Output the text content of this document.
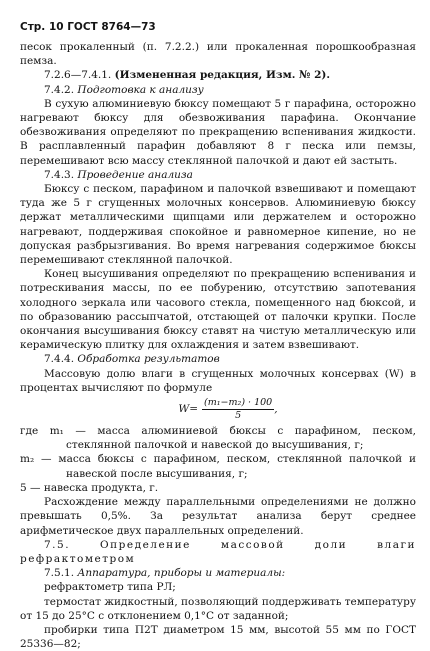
Стр. 10 ГОСТ 8764—73

песок прокаленный (п. 7.2.2.) или прокаленная порошкообразная пемза.

7.2.6—7.4.1. (Измененная редакция, Изм. № 2).

7.4.2. Подготовка к анализу

В сухую алюминиевую бюксу помещают 5 г парафина, осторожно нагревают бюксу для обезвоживания парафина. Окончание обезвоживания определяют по прекращению вспенивания жидкости. В расплавленный парафин добавляют 8 г песка или пемзы, перемешивают всю массу стеклянной палочкой и дают ей застыть.

7.4.3. Проведение анализа

Бюксу с песком, парафином и палочкой взвешивают и помещают туда же 5 г сгущенных молочных консервов. Алюминиевую бюксу держат металлическими щипцами или держателем и осторожно нагревают, поддерживая спокойное и равномерное кипение, но не допуская разбрызгивания. Во время нагревания содержимое бюксы перемешивают стеклянной палочкой.

Конец высушивания определяют по прекращению вспенивания и потрескивания массы, по ее побурению, отсутствию запотевания холодного зеркала или часового стекла, помещенного над бюксой, и по образованию рассыпчатой, отстающей от палочки крупки. После окончания высушивания бюксу ставят на чистую металлическую или керамическую плитку для охлаждения и затем взвешивают.

7.4.4. Обработка результатов

Массовую долю влаги в сгущенных молочных консервах (W) в процентах вычисляют по формуле

$W= \frac{\text{(m₁−m₂) · 100}}{5}$ ,

где m₁ — масса алюминиевой бюксы с парафином, песком, стеклянной палочкой и навеской до высушивания, г;

m₂ — масса бюксы с парафином, песком, стеклянной палочкой и навеской после высушивания, г;

5 — навеска продукта, г.

Расхождение между параллельными определениями не должно превышать 0,5%. За результат анализа берут среднее арифметическое двух параллельных определений.

7.5. Определение массовой доли влаги рефрактометром

7.5.1. Аппаратура, приборы и материалы:

рефрактометр типа РЛ;

термостат жидкостный, позволяющий поддерживать температуру от 15 до 25°С с отклонением 0,1°С от заданной;

пробирки типа П2Т диаметром 15 мм, высотой 55 мм по ГОСТ 25336—82;
